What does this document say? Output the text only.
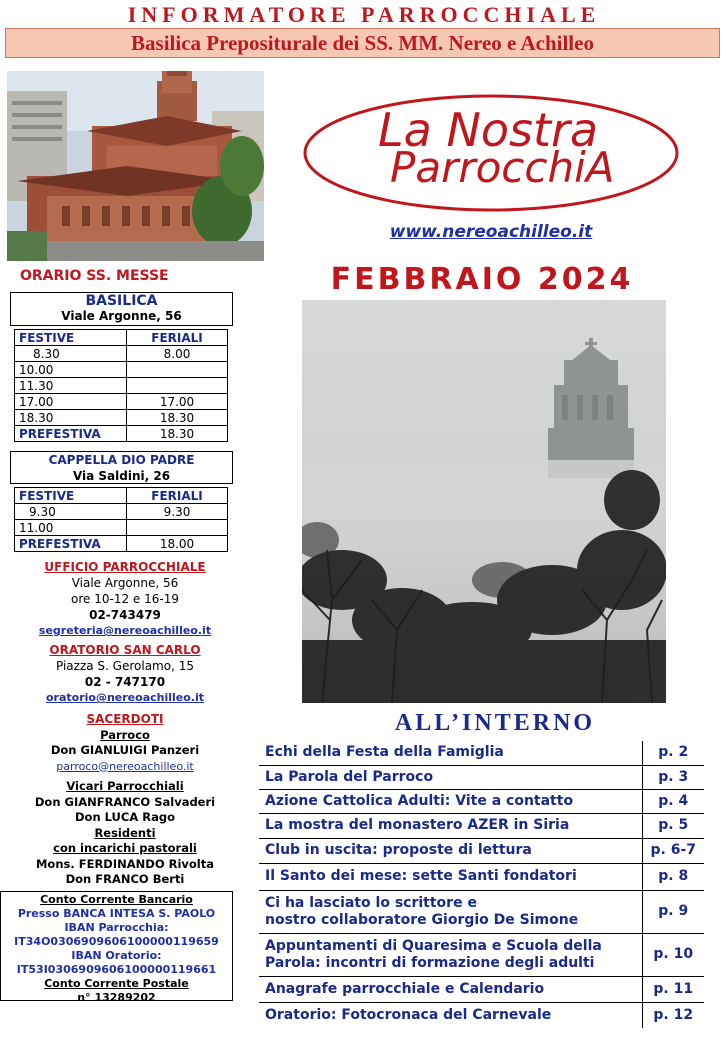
INFORMATORE PARROCCHIALE
Basilica Prepositurale dei SS. MM. Nereo e Achilleo
La Nostra
ParrocchiA
www.nereoachilleo.it
FEBBRAIO 2024
ORARIO SS. MESSE
BASILICA
Viale Argonne, 56
FESTIVE	FERIALI
8.30	8.00
10.00	
11.30	
17.00	17.00
18.30	18.30
PREFESTIVA	18.30
CAPPELLA DIO PADRE
Via Saldini, 26
FESTIVE	FERIALI
9.30	9.30
11.00	
PREFESTIVA	18.00
UFFICIO PARROCCHIALE
Viale Argonne, 56
ore 10-12 e 16-19
02-743479
segreteria@nereoachilleo.it
ORATORIO SAN CARLO
Piazza S. Gerolamo, 15
02 - 747170
oratorio@nereoachilleo.it
SACERDOTI
Parroco
Don GIANLUIGI Panzeri
parroco@nereoachilleo.it
Vicari Parrocchiali
Don GIANFRANCO Salvaderi
Don LUCA Rago
Residenti
con incarichi pastorali
Mons. FERDINANDO Rivolta
Don FRANCO Berti
Conto Corrente Bancario
Presso BANCA INTESA S. PAOLO
IBAN Parrocchia:
IT34O0306909606100000119659
IBAN Oratorio:
IT53I0306909606100000119661
Conto Corrente Postale
n° 13289202
ALL’INTERNO
Echi della Festa della Famiglia	p. 2
La Parola del Parroco	p. 3
Azione Cattolica Adulti: Vite a contatto	p. 4
La mostra del monastero AZER in Siria	p. 5
Club in uscita: proposte di lettura	p. 6-7
Il Santo dei mese: sette Santi fondatori	p. 8

Ci ha lasciato lo scrittore e
nostro collaboratore Giorgio De Simone	p. 9

Appuntamenti di Quaresima e Scuola della
Parola: incontri di formazione degli adulti	p. 10
Anagrafe parrocchiale e Calendario	p. 11
Oratorio: Fotocronaca del Carnevale	p. 12
